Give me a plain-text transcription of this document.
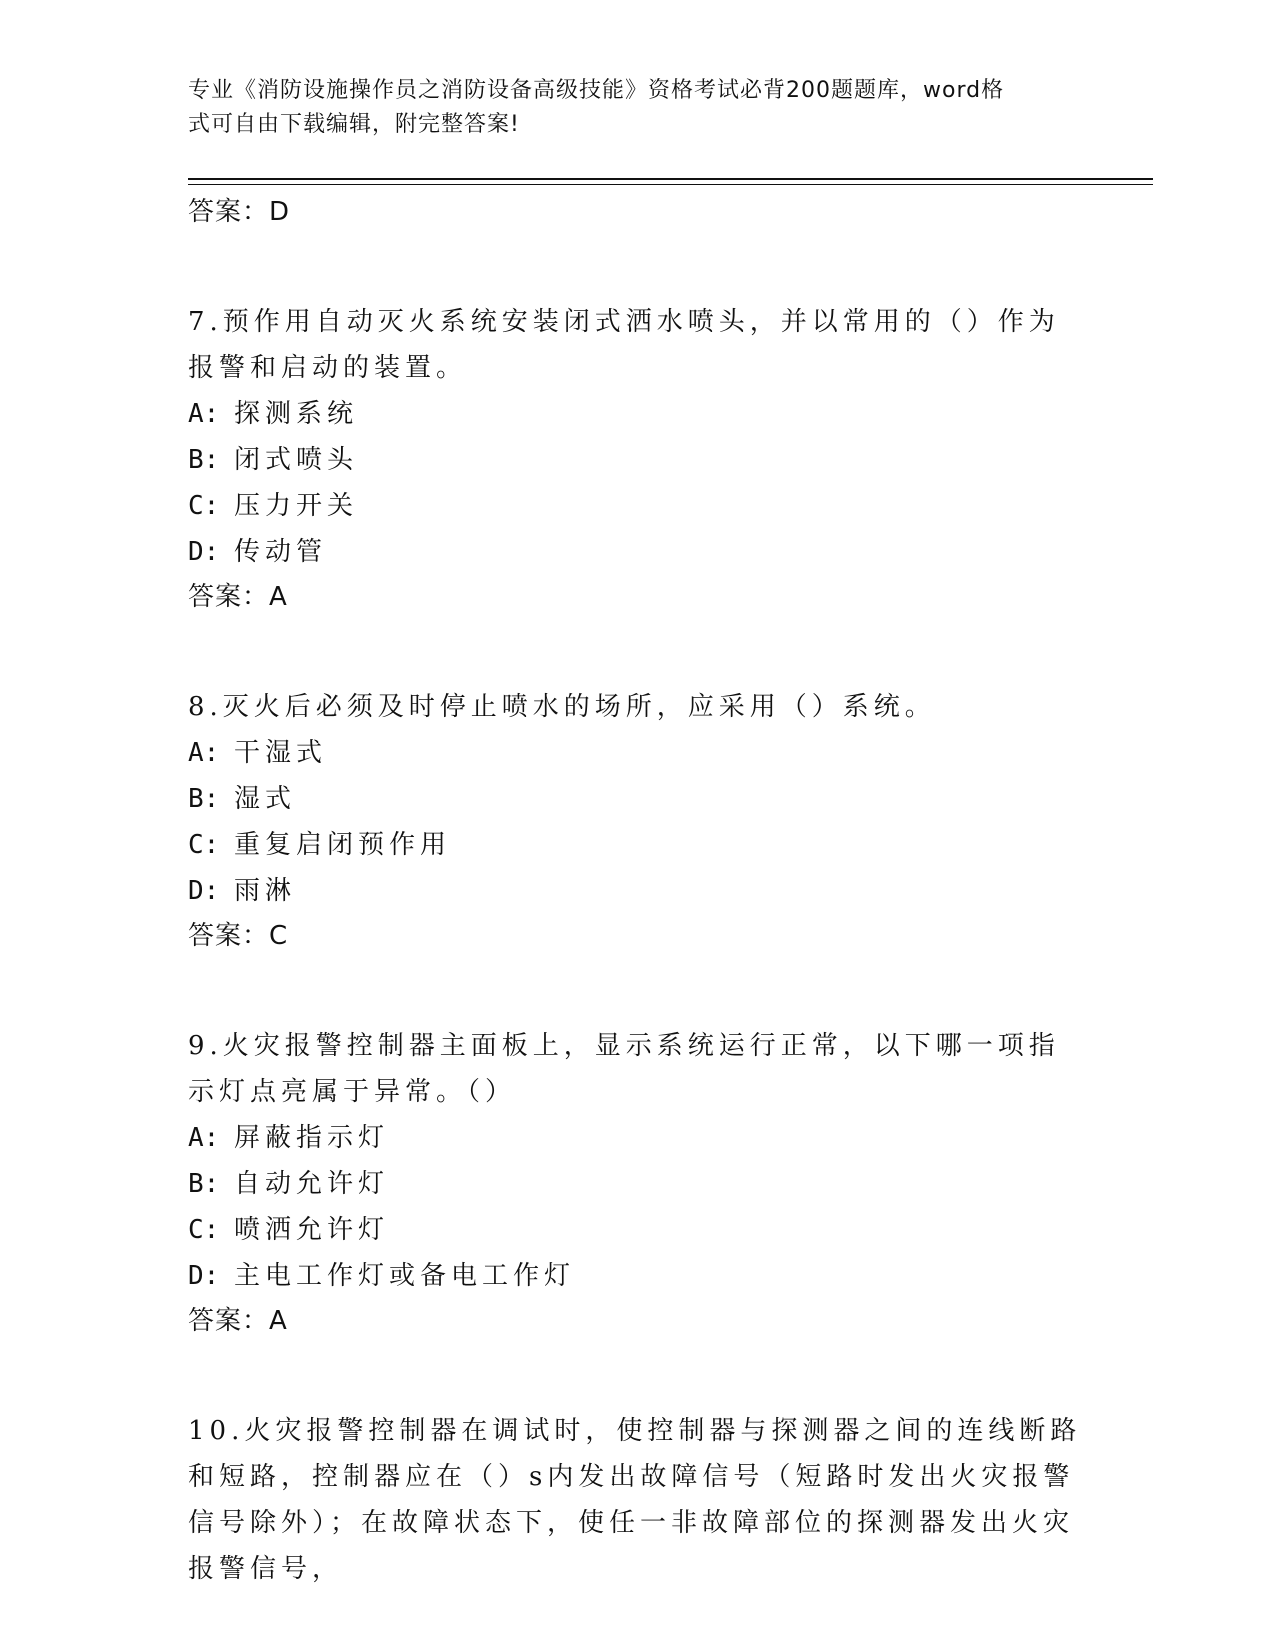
专业《消防设施操作员之消防设备高级技能》资格考试必背200题题库，word格
式可自由下载编辑，附完整答案!
答案：D
7.预作用自动灭火系统安装闭式洒水喷头，并以常用的（）作为报警和启动的装置。
A: 探测系统
B: 闭式喷头
C: 压力开关
D: 传动管
答案：A
8.灭火后必须及时停止喷水的场所，应采用（）系统。
A: 干湿式
B: 湿式
C: 重复启闭预作用
D: 雨淋
答案：C
9.火灾报警控制器主面板上，显示系统运行正常，以下哪一项指示灯点亮属于异常。（）
A: 屏蔽指示灯
B: 自动允许灯
C: 喷洒允许灯
D: 主电工作灯或备电工作灯
答案：A
10.火灾报警控制器在调试时，使控制器与探测器之间的连线断路和短路，控制器应在（）s内发出故障信号（短路时发出火灾报警信号除外）；在故障状态下，使任一非故障部位的探测器发出火灾报警信号，
